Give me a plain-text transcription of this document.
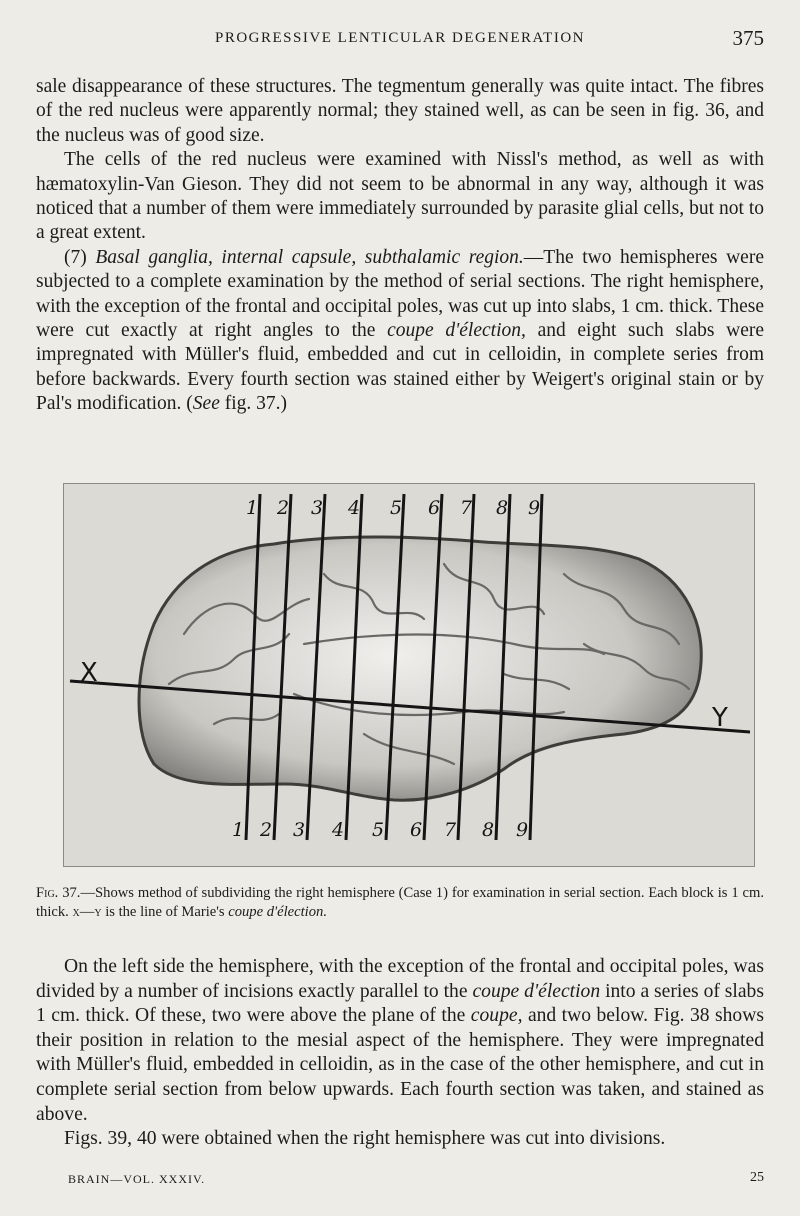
PROGRESSIVE LENTICULAR DEGENERATION	375

sale disappearance of these structures. The tegmentum generally was quite intact. The fibres of the red nucleus were apparently normal; they stained well, as can be seen in fig. 36, and the nucleus was of good size.

The cells of the red nucleus were examined with Nissl's method, as well as with hæmatoxylin-Van Gieson. They did not seem to be abnormal in any way, although it was noticed that a number of them were immediately surrounded by parasite glial cells, but not to a great extent.

(7) Basal ganglia, internal capsule, subthalamic region.—The two hemispheres were subjected to a complete examination by the method of serial sections. The right hemisphere, with the exception of the frontal and occipital poles, was cut up into slabs, 1 cm. thick. These were cut exactly at right angles to the coupe d'élection, and eight such slabs were impregnated with Müller's fluid, embedded and cut in celloidin, in complete series from before backwards. Every fourth section was stained either by Weigert's original stain or by Pal's modification. (See fig. 37.)

X
Y
1
1
2
2
3
3
4
4
5
5
6
6
7
7
8
8
9
9
Fig. 37.—Shows method of subdividing the right hemisphere (Case 1) for examination in serial section. Each block is 1 cm. thick. x—y is the line of Marie's coupe d'élection.

On the left side the hemisphere, with the exception of the frontal and occipital poles, was divided by a number of incisions exactly parallel to the coupe d'élection into a series of slabs 1 cm. thick. Of these, two were above the plane of the coupe, and two below. Fig. 38 shows their position in relation to the mesial aspect of the hemisphere. They were impregnated with Müller's fluid, embedded in celloidin, as in the case of the other hemisphere, and cut in complete serial section from below upwards. Each fourth section was taken, and stained as above.

Figs. 39, 40 were obtained when the right hemisphere was cut into divisions.

BRAIN—VOL. XXXIV.	25
